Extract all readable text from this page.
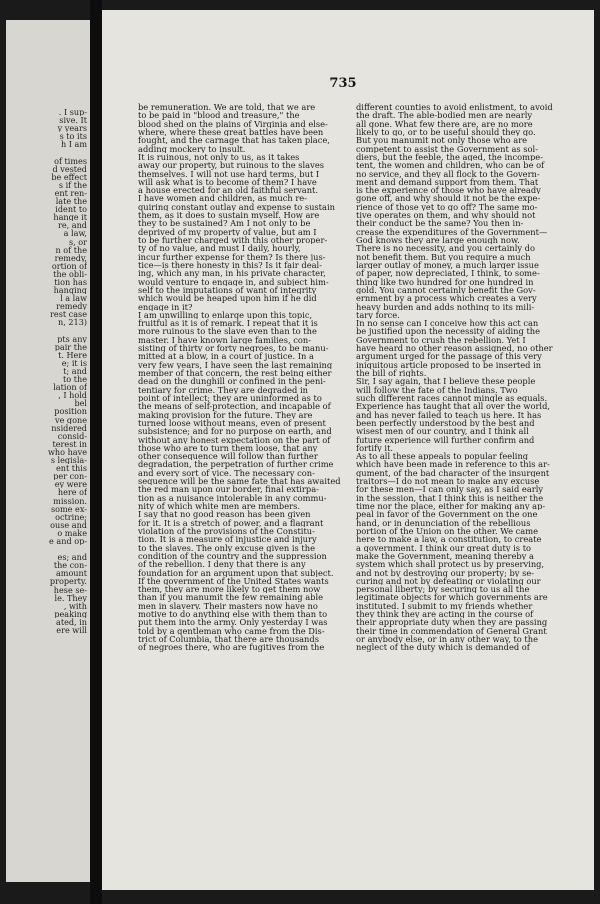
. I sup-
sive. It
y years
s to its
h I am

of times
d vested
be effect
s if the
ent ren-
late the
ident to
hange it
re, and
a law,
s, or
n of the
remedy,
ortion of
the obli-
tion has
hanging
l a law
remedy
rest case
n, 213)

pts any
pair the
t. Here
e; it is
t; and
to the
lation of
, I hold
bel
position
ve gone
nsidered
consid-
terest in
who have
s legisla-
ent this
per con-
ey were
here of
mission.
some ex-
octrine;
ouse and
o make
e and op-

es; and
the con-
amount
property.
hese se-
le. They
, with
peaking
ated, in
ere will
735
be remuneration. We are told, that we are
to be paid in "blood and treasure," the
blood shed on the plains of Virginia and else-
where, where these great battles have been
fought, and the carnage that has taken place,
adding mockery to insult.
It is ruinous, not only to us, as it takes
away our property, but ruinous to the slaves
themselves. I will not use hard terms, but I
will ask what is to become of them? I have
a house erected for an old faithful servant.
I have women and children, as much re-
quiring constant outlay and expense to sustain
them, as it does to sustain myself. How are
they to be sustained? Am I not only to be
deprived of my property of value, but am I
to be further charged with this other proper-
ty of no value, and must I daily, hourly,
incur further expense for them? Is there jus-
tice—is there honesty in this? Is it fair deal-
ing, which any man, in his private character,
would venture to engage in, and subject him-
self to the imputations of want of integrity
which would be heaped upon him if he did
engage in it?
I am unwilling to enlarge upon this topic,
fruitful as it is of remark. I repeat that it is
more ruinous to the slave even than to the
master. I have known large families, con-
sisting of thirty or forty negroes, to be manu-
mitted at a blow, in a court of justice. In a
very few years, I have seen the last remaining
member of that concern, the rest being either
dead on the dunghill or confined in the peni-
tentiary for crime. They are degraded in
point of intellect; they are uninformed as to
the means of self-protection, and incapable of
making provision for the future. They are
turned loose without means, even of present
subsistence; and for no purpose on earth, and
without any honest expectation on the part of
those who are to turn them loose, that any
other consequence will follow than further
degradation, the perpetration of further crime
and every sort of vice. The necessary con-
sequence will be the same fate that has awaited
the red man upon our border, final extirpa-
tion as a nuisance intolerable in any commu-
nity of which white men are members.
I say that no good reason has been given
for it. It is a stretch of power, and a flagrant
violation of the provisions of the Constitu-
tion. It is a measure of injustice and injury
to the slaves. The only excuse given is the
condition of the country and the suppression
of the rebellion. I deny that there is any
foundation for an argument upon that subject.
If the government of the United States wants
them, they are more likely to get them now
than if you manumit the few remaining able
men in slavery. Their masters now have no
motive to do anything else with them than to
put them into the army. Only yesterday I was
told by a gentleman who came from the Dis-
trict of Columbia, that there are thousands
of negroes there, who are fugitives from the
different counties to avoid enlistment, to avoid
the draft. The able-bodied men are nearly
all gone. What few there are, are no more
likely to go, or to be useful should they go.
But you manumit not only those who are
competent to assist the Government as sol-
diers, but the feeble, the aged, the incompe-
tent, the women and children, who can be of
no service, and they all flock to the Govern-
ment and demand support from them. That
is the experience of those who have already
gone off, and why should it not be the expe-
rience of those yet to go off? The same mo-
tive operates on them, and why should not
their conduct be the same? You then in-
crease the expenditures of the Government—
God knows they are large enough now.
There is no necessity, and you certainly do
not benefit them. But you require a much
larger outlay of money, a much larger issue
of paper, now depreciated, I think, to some-
thing like two hundred for one hundred in
gold. You cannot certainly benefit the Gov-
ernment by a process which creates a very
heavy burden and adds nothing to its mili-
tary force.
In no sense can I conceive how this act can
be justified upon the necessity of aiding the
Government to crush the rebellion. Yet I
have heard no other reason assigned, no other
argument urged for the passage of this very
iniquitous article proposed to be inserted in
the bill of rights.
Sir, I say again, that I believe these people
will follow the fate of the Indians. Two
such different races cannot mingle as equals.
Experience has taught that all over the world,
and has never failed to teach us here. It has
been perfectly understood by the best and
wisest men of our country, and I think all
future experience will further confirm and
fortify it.
As to all these appeals to popular feeling
which have been made in reference to this ar-
gument, of the bad character of the insurgent
traitors—I do not mean to make any excuse
for these men—I can only say, as I said early
in the session, that I think this is neither the
time nor the place, either for making any ap-
peal in favor of the Government on the one
hand, or in denunciation of the rebellious
portion of the Union on the other. We came
here to make a law, a constitution, to create
a government. I think our great duty is to
make the Government, meaning thereby a
system which shall protect us by preserving,
and not by destroying our property; by se-
curing and not by defeating or violating our
personal liberty; by securing to us all the
legitimate objects for which governments are
instituted. I submit to my friends whether
they think they are acting in the course of
their appropriate duty when they are passing
their time in commendation of General Grant
or anybody else, or in any other way, to the
neglect of the duty which is demanded of
